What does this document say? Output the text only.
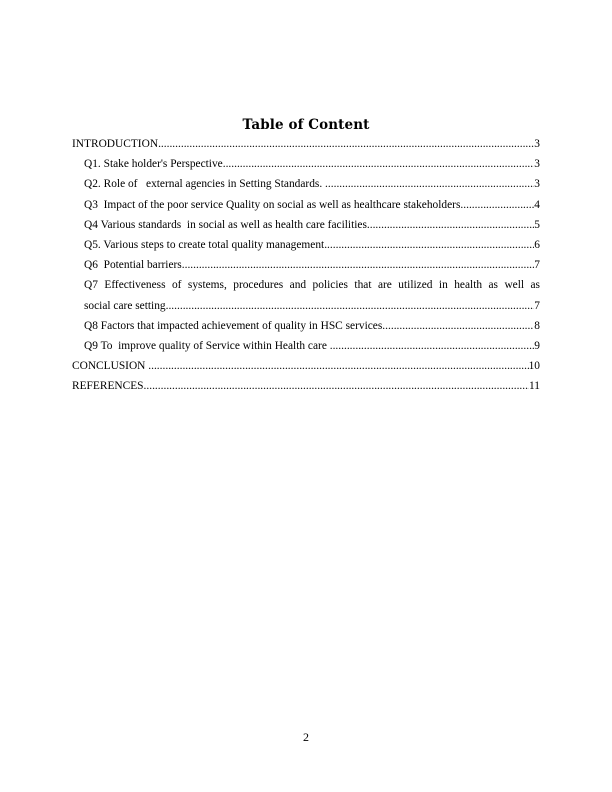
Table of Content
INTRODUCTION .....	3
Q1. Stake holder's Perspective .....	3
Q2. Role of   external agencies in Setting Standards. .....	3
Q3  Impact of the poor service Quality on social as well as healthcare stakeholders .....	4
Q4 Various standards  in social as well as health care facilities .....	5
Q5. Various steps to create total quality management .....	6
Q6  Potential barriers .....	7
Q7 Effectiveness of systems, procedures and policies that are utilized in health as well as
social care setting .....	7
Q8 Factors that impacted achievement of quality in HSC services .....	8
Q9 To  improve quality of Service within Health care .....	9
CONCLUSION .....	10
REFERENCES .....	11
2
